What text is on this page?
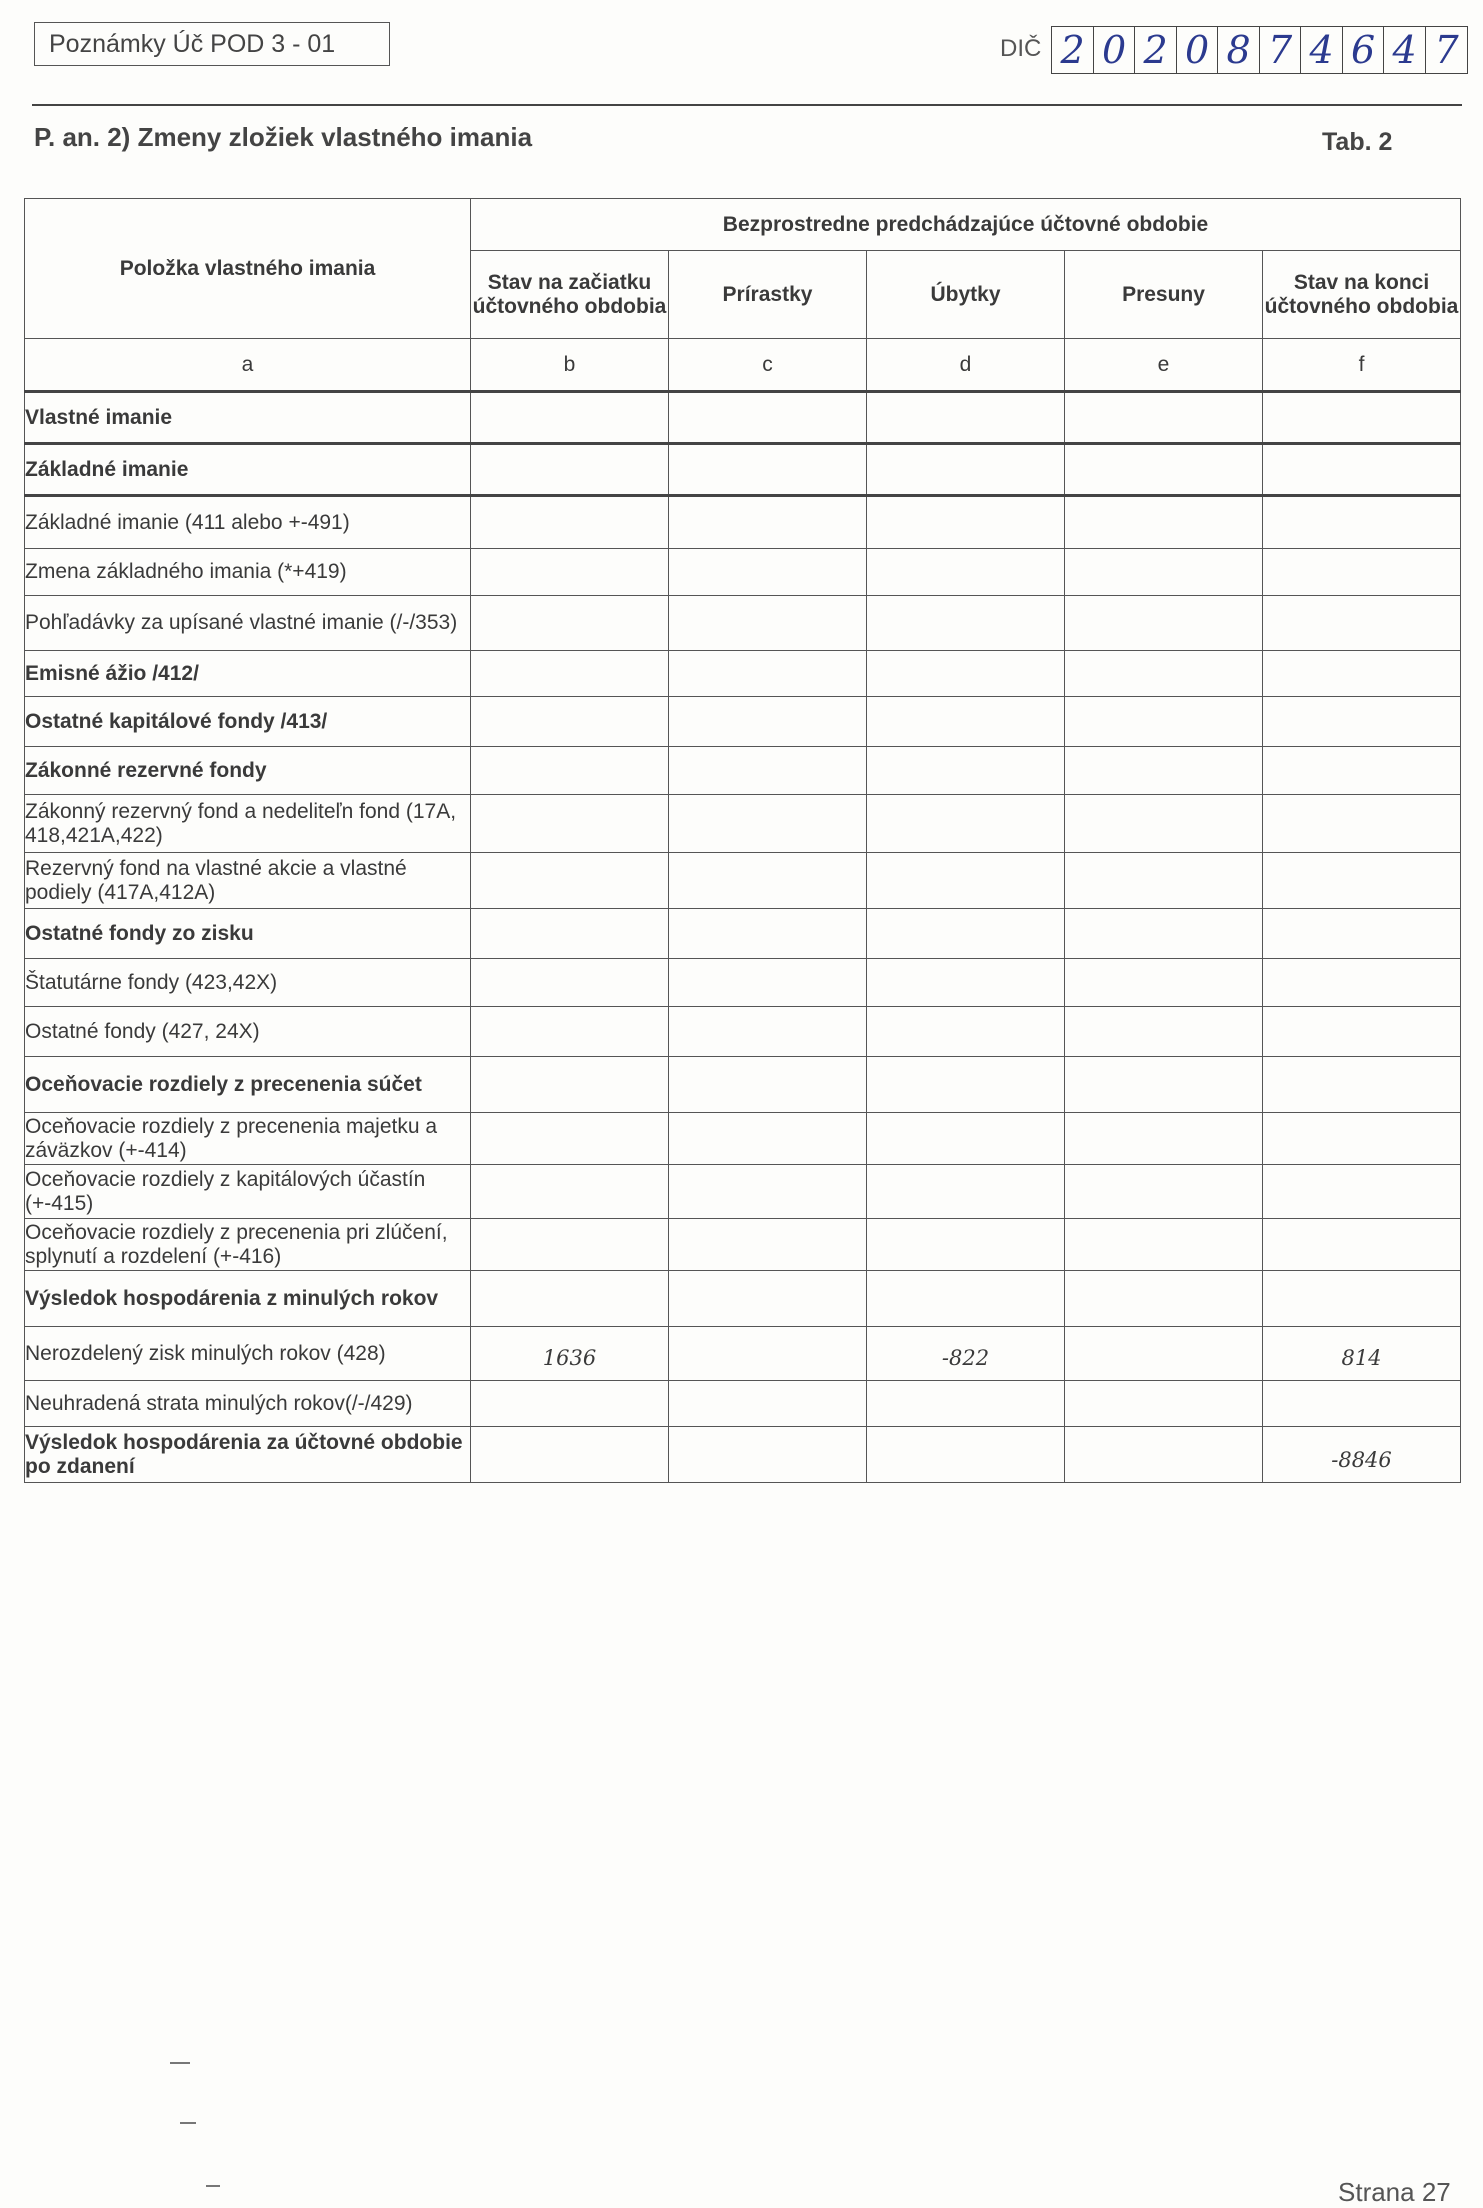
Poznámky Úč POD 3 - 01	DIČ 2 0 2 0 8 7 4 6 4 7
P. an. 2) Zmeny zložiek vlastného imania	Tab. 2
Položka vlastného imania	Bezprostredne predchádzajúce účtovné obdobie				
	Stav na začiatku účtovného obdobia	Prírastky	Úbytky	Presuny	Stav na konci účtovného obdobia
a	b	c	d	e	f
Vlastné imanie					
Základné imanie					
Základné imanie (411 alebo +-491)					
Zmena základného imania (*+419)					
Pohľadávky za upísané vlastné imanie (/-/353)					
Emisné ážio /412/					
Ostatné kapitálové fondy /413/					
Zákonné rezervné fondy					
Zákonný rezervný fond a nedeliteľn fond (17A, 418,421A,422)					
Rezervný fond na vlastné akcie a vlastné podiely (417A,412A)					
Ostatné fondy zo zisku					
Štatutárne fondy (423,42X)					
Ostatné fondy (427, 24X)					
Oceňovacie rozdiely z precenenia súčet					
Oceňovacie rozdiely z precenenia majetku a záväzkov (+-414)					
Oceňovacie rozdiely z kapitálových účastín (+-415)					
Oceňovacie rozdiely z precenenia pri zlúčení, splynutí a rozdelení (+-416)					
Výsledok hospodárenia z minulých rokov					
Nerozdelený zisk minulých rokov (428)	1636		-822		814
Neuhradená strata minulých rokov(/-/429)					
Výsledok hospodárenia za účtovné obdobie po zdanení					-8846
Strana 27
